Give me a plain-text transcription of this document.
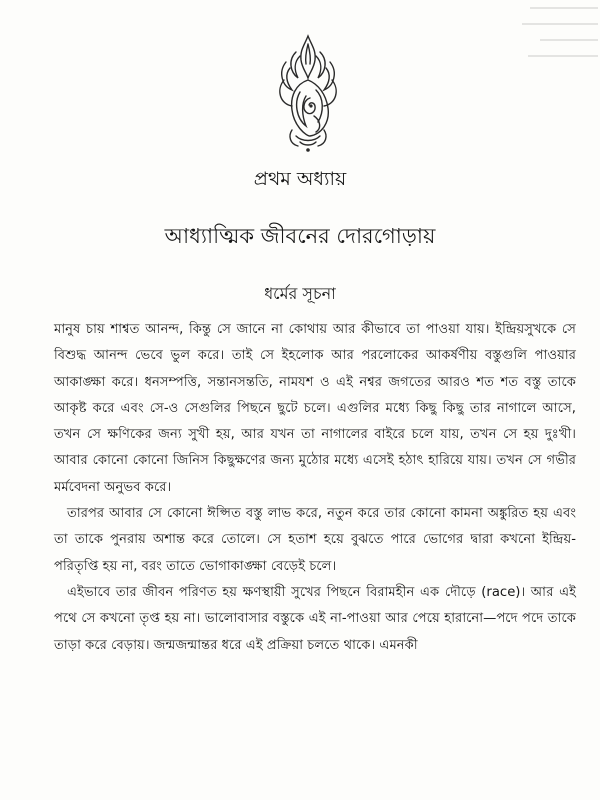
প্রথম অধ্যায়
আধ্যাত্মিক জীবনের দোরগোড়ায়
ধর্মের সূচনা

মানুষ চায় শাশ্বত আনন্দ, কিন্তু সে জানে না কোথায় আর কীভাবে তা পাওয়া যায়। ইন্দ্রিয়সুখকে সে বিশুদ্ধ আনন্দ ভেবে ভুল করে। তাই সে ইহলোক আর পরলোকের আকর্ষণীয় বস্তুগুলি পাওয়ার আকাঙ্ক্ষা করে। ধনসম্পত্তি, সন্তানসন্ততি, নামযশ ও এই নশ্বর জগতের আরও শত শত বস্তু তাকে আকৃষ্ট করে এবং সে-ও সেগুলির পিছনে ছুটে চলে। এগুলির মধ্যে কিছু কিছু তার নাগালে আসে, তখন সে ক্ষণিকের জন্য সুখী হয়, আর যখন তা নাগালের বাইরে চলে যায়, তখন সে হয় দুঃখী। আবার কোনো কোনো জিনিস কিছুক্ষণের জন্য মুঠোর মধ্যে এসেই হঠাৎ হারিয়ে যায়। তখন সে গভীর মর্মবেদনা অনুভব করে।

তারপর আবার সে কোনো ঈপ্সিত বস্তু লাভ করে, নতুন করে তার কোনো কামনা অঙ্কুরিত হয় এবং তা তাকে পুনরায় অশান্ত করে তোলে। সে হতাশ হয়ে বুঝতে পারে ভোগের দ্বারা কখনো ইন্দ্রিয়-পরিতৃপ্তি হয় না, বরং তাতে ভোগাকাঙ্ক্ষা বেড়েই চলে।

এইভাবে তার জীবন পরিণত হয় ক্ষণস্থায়ী সুখের পিছনে বিরামহীন এক দৌড়ে (race)। আর এই পথে সে কখনো তৃপ্ত হয় না। ভালোবাসার বস্তুকে এই না-পাওয়া আর পেয়ে হারানো—পদে পদে তাকে তাড়া করে বেড়ায়। জন্মজন্মান্তর ধরে এই প্রক্রিয়া চলতে থাকে। এমনকী
